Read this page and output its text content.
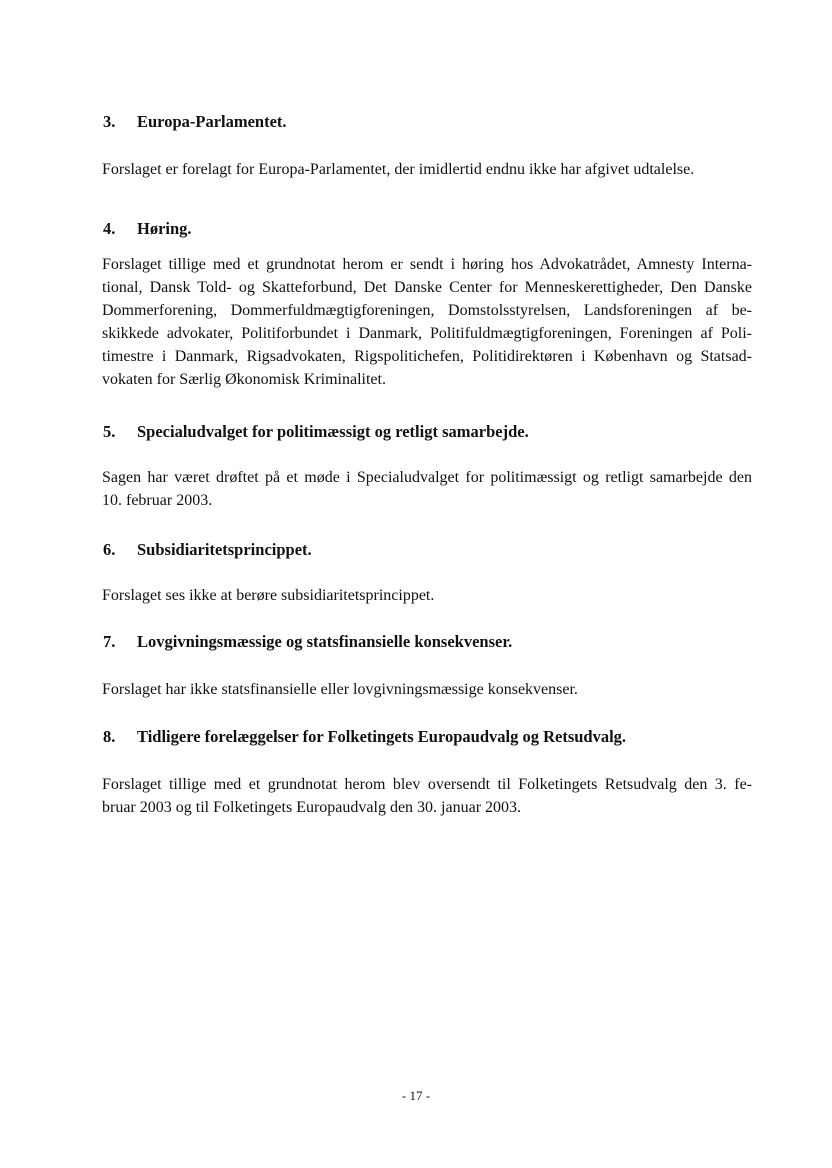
3. Europa-Parlamentet.
Forslaget er forelagt for Europa-Parlamentet, der imidlertid endnu ikke har afgivet udtalelse.
4. Høring.
Forslaget tillige med et grundnotat herom er sendt i høring hos Advokatrådet, Amnesty Interna-
tional, Dansk Told- og Skatteforbund, Det Danske Center for Menneskerettigheder, Den Danske
Dommerforening, Dommerfuldmægtigforeningen, Domstolsstyrelsen, Landsforeningen af be-
skikkede advokater, Politiforbundet i Danmark, Politifuldmægtigforeningen, Foreningen af Poli-
timestre i Danmark, Rigsadvokaten, Rigspolitichefen, Politidirektøren i København og Statsad-
vokaten for Særlig Økonomisk Kriminalitet.
5. Specialudvalget for politimæssigt og retligt samarbejde.
Sagen har været drøftet på et møde i Specialudvalget for politimæssigt og retligt samarbejde den
10. februar 2003.
6. Subsidiaritetsprincippet.
Forslaget ses ikke at berøre subsidiaritetsprincippet.
7. Lovgivningsmæssige og statsfinansielle konsekvenser.
Forslaget har ikke statsfinansielle eller lovgivningsmæssige konsekvenser.
8. Tidligere forelæggelser for Folketingets Europaudvalg og Retsudvalg.
Forslaget tillige med et grundnotat herom blev oversendt til Folketingets Retsudvalg den 3. fe-
bruar 2003 og til Folketingets Europaudvalg den 30. januar 2003.
- 17 -
